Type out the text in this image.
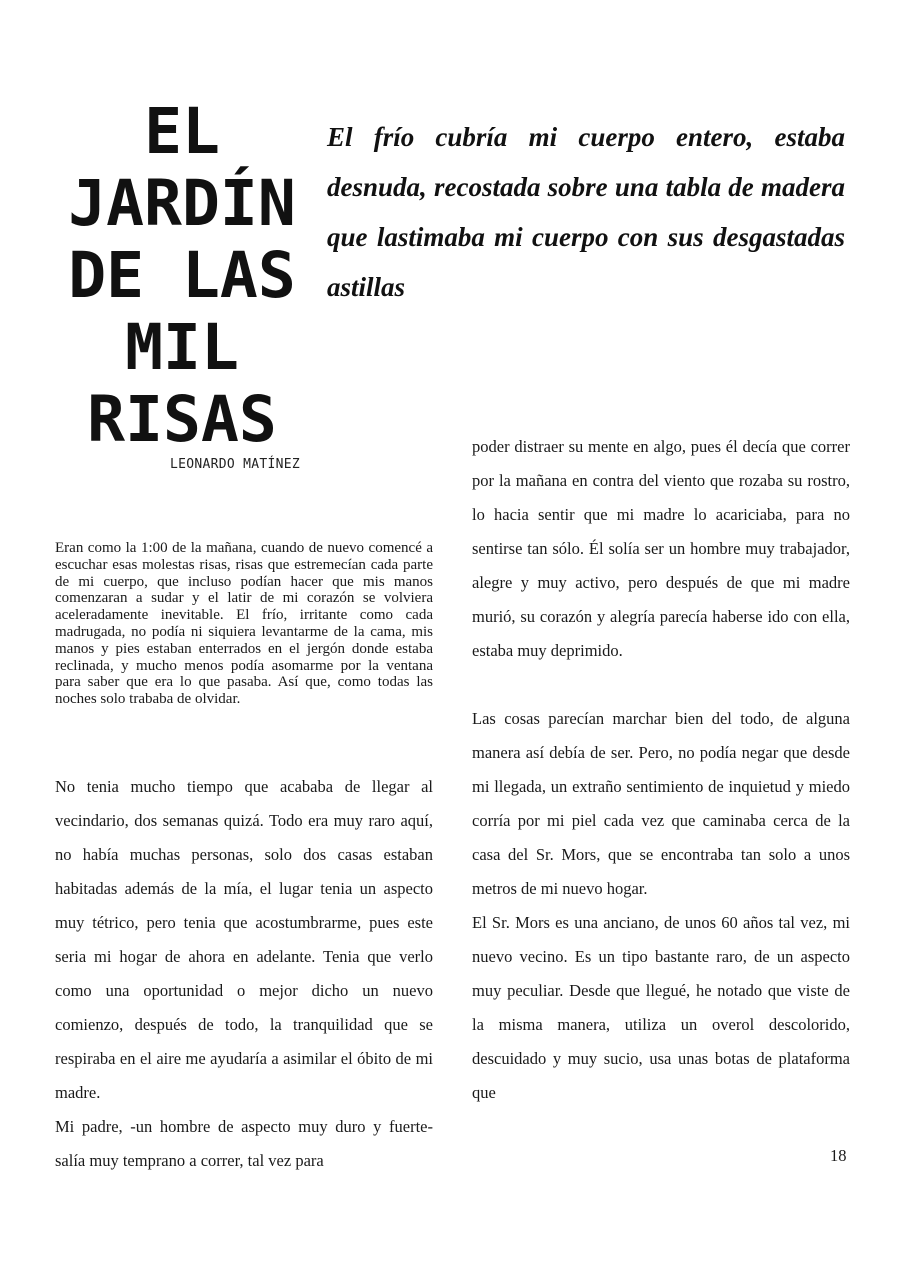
EL
JARDÍN
DE LAS
MIL
RISAS
LEONARDO MATÍNEZ
El frío cubría mi cuerpo entero, estaba desnuda, recostada sobre una tabla de madera que lastimaba mi cuerpo con sus desgastadas astillas
Eran como la 1:00 de la mañana, cuando de nuevo comencé a escuchar esas molestas risas, risas que estremecían cada parte de mi cuerpo, que incluso podían hacer que mis manos comenzaran a sudar y el latir de mi corazón se volviera aceleradamente inevitable. El frío, irritante como cada madrugada, no podía ni siquiera levantarme de la cama, mis manos y pies estaban enterrados en el jergón donde estaba reclinada, y mucho menos podía asomarme por la ventana para saber que era lo que pasaba. Así que, como todas las noches solo trababa de olvidar.

No tenia mucho tiempo que acababa de llegar al vecindario, dos semanas quizá. Todo era muy raro aquí, no había muchas personas, solo dos casas estaban habitadas además de la mía, el lugar tenia un aspecto muy tétrico, pero tenia que acostumbrarme, pues este seria mi hogar de ahora en adelante. Tenia que verlo como una oportunidad o mejor dicho un nuevo comienzo, después de todo, la tranquilidad que se respiraba en el aire me ayudaría a asimilar el óbito de mi madre.

Mi padre, -un hombre de aspecto muy duro y fuerte- salía muy temprano a correr, tal vez para

poder distraer su mente en algo, pues él decía que correr por la mañana en contra del viento que rozaba su rostro, lo hacia sentir que mi madre lo acariciaba, para no sentirse tan sólo. Él solía ser un hombre muy trabajador, alegre y muy activo, pero después de que mi madre murió, su corazón y alegría parecía haberse ido con ella, estaba muy deprimido.

Las cosas parecían marchar bien del todo, de alguna manera así debía de ser. Pero, no podía negar que desde mi llegada, un extraño sentimiento de inquietud y miedo corría por mi piel cada vez que caminaba cerca de la casa del Sr. Mors, que se encontraba tan solo a unos metros de mi nuevo hogar.

El Sr. Mors es una anciano, de unos 60 años tal vez, mi nuevo vecino. Es un tipo bastante raro, de un aspecto muy peculiar. Desde que llegué, he notado que viste de la misma manera, utiliza un overol descolorido, descuidado y muy sucio, usa unas botas de plataforma que

18
